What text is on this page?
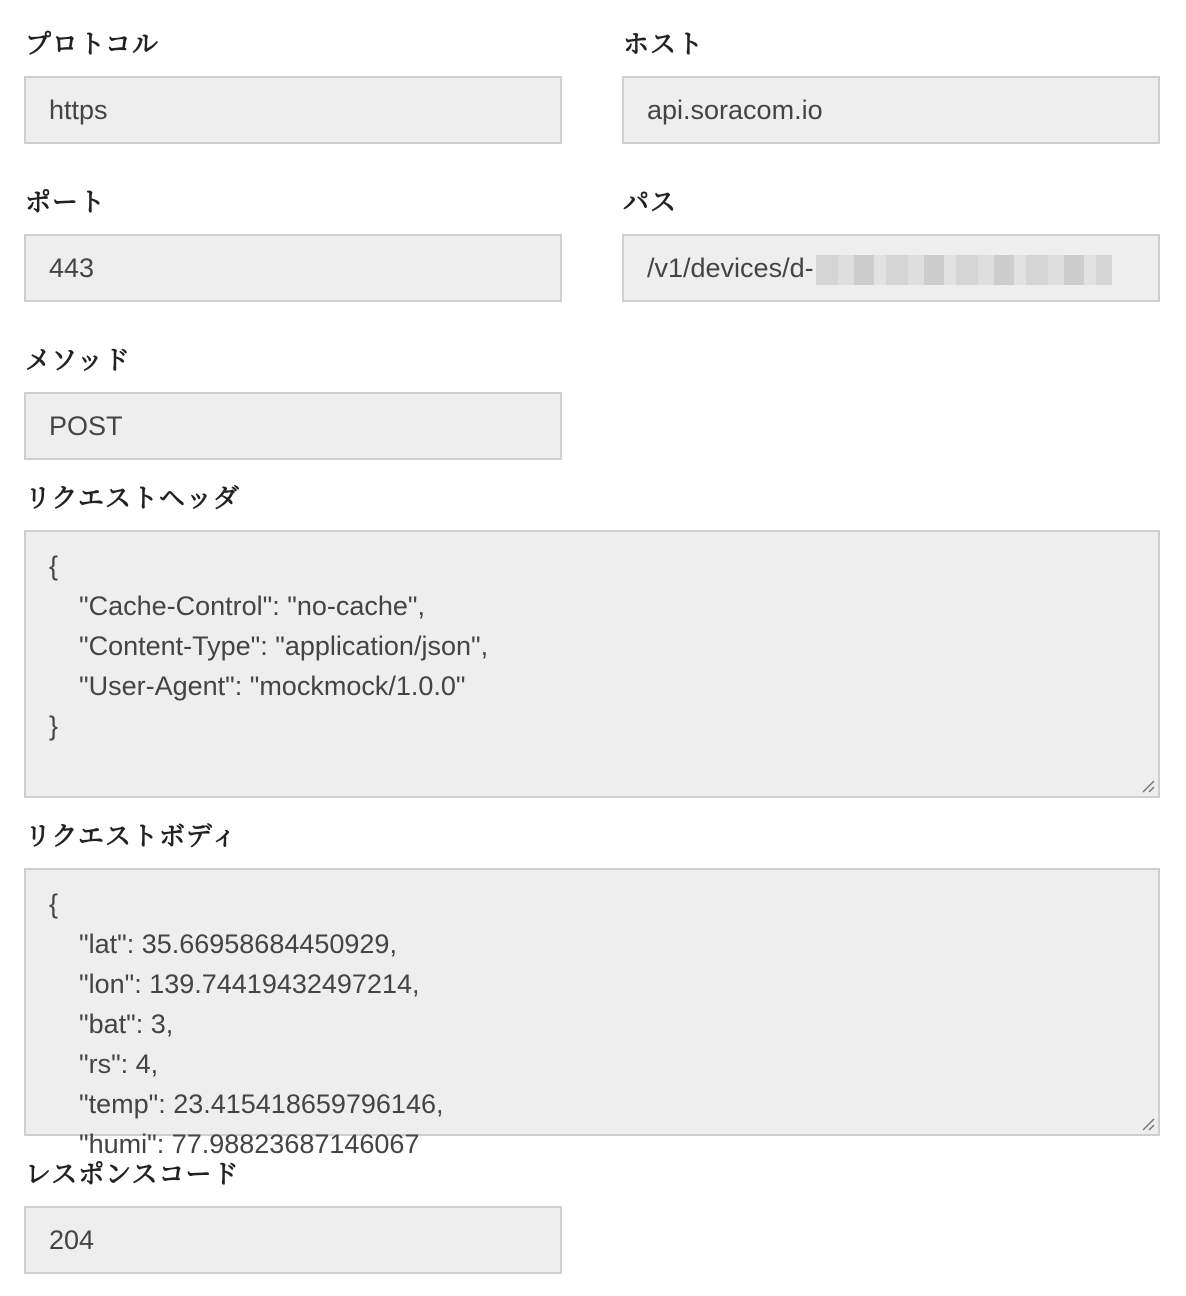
プロトコル
https
ホスト
api.soracom.io
ポート
443
パス
/v1/devices/d-
メソッド
POST
リクエストヘッダ
{
"Cache-Control": "no-cache",
"Content-Type": "application/json",
"User-Agent": "mockmock/1.0.0"
}
リクエストボディ
{
"lat": 35.66958684450929,
"lon": 139.74419432497214,
"bat": 3,
"rs": 4,
"temp": 23.415418659796146,
"humi": 77.98823687146067
レスポンスコード
204
